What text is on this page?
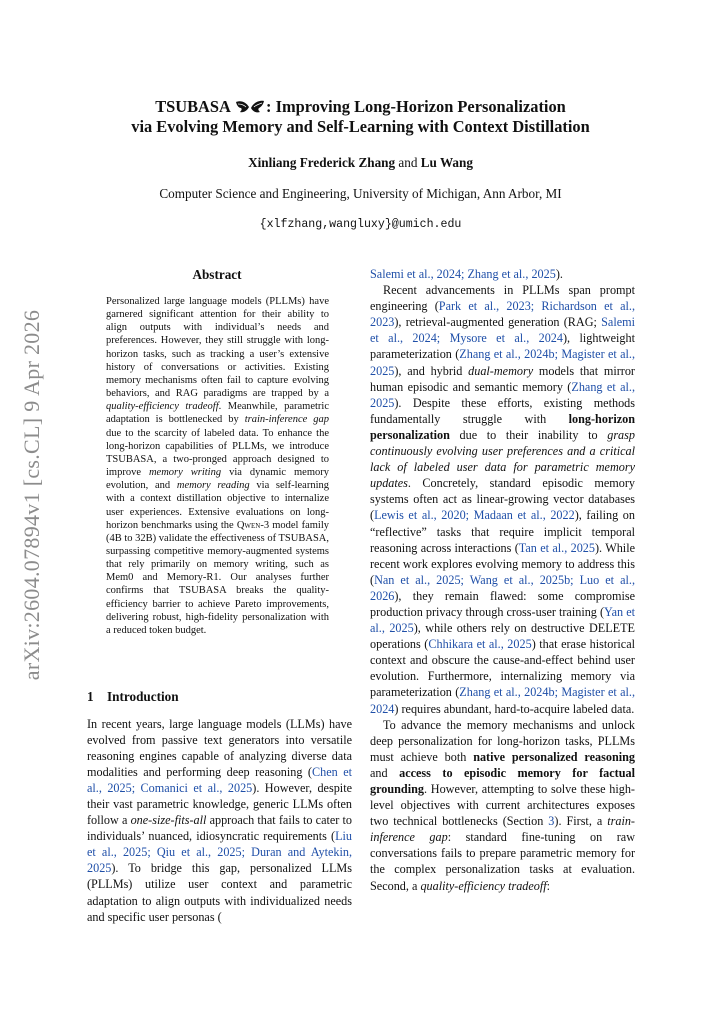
arXiv:2604.07894v1 [cs.CL] 9 Apr 2026
TSUBASA : Improving Long-Horizon Personalization
via Evolving Memory and Self-Learning with Context Distillation
Xinliang Frederick Zhang and Lu Wang
Computer Science and Engineering, University of Michigan, Ann Arbor, MI
{xlfzhang,wangluxy}@umich.edu
Abstract
Personalized large language models (PLLMs) have garnered significant attention for their ability to align outputs with individual’s needs and preferences. However, they still struggle with long-horizon tasks, such as tracking a user’s extensive history of conversations or activities. Existing memory mechanisms often fail to capture evolving behaviors, and RAG paradigms are trapped by a quality-efficiency tradeoff. Meanwhile, parametric adaptation is bottlenecked by train-inference gap due to the scarcity of labeled data. To enhance the long-horizon capabilities of PLLMs, we introduce TSUBASA, a two-pronged approach designed to improve memory writing via dynamic memory evolution, and memory reading via self-learning with a context distillation objective to internalize user experiences. Extensive evaluations on long-horizon benchmarks using the Qwen-3 model family (4B to 32B) validate the effectiveness of TSUBASA, surpassing competitive memory-augmented systems that rely primarily on memory writing, such as Mem0 and Memory-R1. Our analyses further confirms that TSUBASA breaks the quality-efficiency barrier to achieve Pareto improvements, delivering robust, high-fidelity personalization with a reduced token budget.
1 Introduction

In recent years, large language models (LLMs) have evolved from passive text generators into versatile reasoning engines capable of analyzing diverse data modalities and performing deep reasoning (Chen et al., 2025; Comanici et al., 2025). However, despite their vast parametric knowledge, generic LLMs often follow a one-size-fits-all approach that fails to cater to individuals’ nuanced, idiosyncratic requirements (Liu et al., 2025; Qiu et al., 2025; Duran and Aytekin, 2025). To bridge this gap, personalized LLMs (PLLMs) utilize user context and parametric adaptation to align outputs with individualized needs and specific user personas (

Salemi et al., 2024; Zhang et al., 2025).

Recent advancements in PLLMs span prompt engineering (Park et al., 2023; Richardson et al., 2023), retrieval-augmented generation (RAG; Salemi et al., 2024; Mysore et al., 2024), lightweight parameterization (Zhang et al., 2024b; Magister et al., 2025), and hybrid dual-memory models that mirror human episodic and semantic memory (Zhang et al., 2025). Despite these efforts, existing methods fundamentally struggle with long-horizon personalization due to their inability to grasp continuously evolving user preferences and a critical lack of labeled user data for parametric memory updates. Concretely, standard episodic memory systems often act as linear-growing vector databases (Lewis et al., 2020; Madaan et al., 2022), failing on “reflective” tasks that require implicit temporal reasoning across interactions (Tan et al., 2025). While recent work explores evolving memory to address this (Nan et al., 2025; Wang et al., 2025b; Luo et al., 2026), they remain flawed: some compromise production privacy through cross-user training (Yan et al., 2025), while others rely on destructive DELETE operations (Chhikara et al., 2025) that erase historical context and obscure the cause-and-effect behind user evolution. Furthermore, internalizing memory via parameterization (Zhang et al., 2024b; Magister et al., 2024) requires abundant, hard-to-acquire labeled data.

To advance the memory mechanisms and unlock deep personalization for long-horizon tasks, PLLMs must achieve both native personalized reasoning and access to episodic memory for factual grounding. However, attempting to solve these high-level objectives with current architectures exposes two technical bottlenecks (Section 3). First, a train-inference gap: standard fine-tuning on raw conversations fails to prepare parametric memory for the complex personalization tasks at evaluation. Second, a quality-efficiency tradeoff:
